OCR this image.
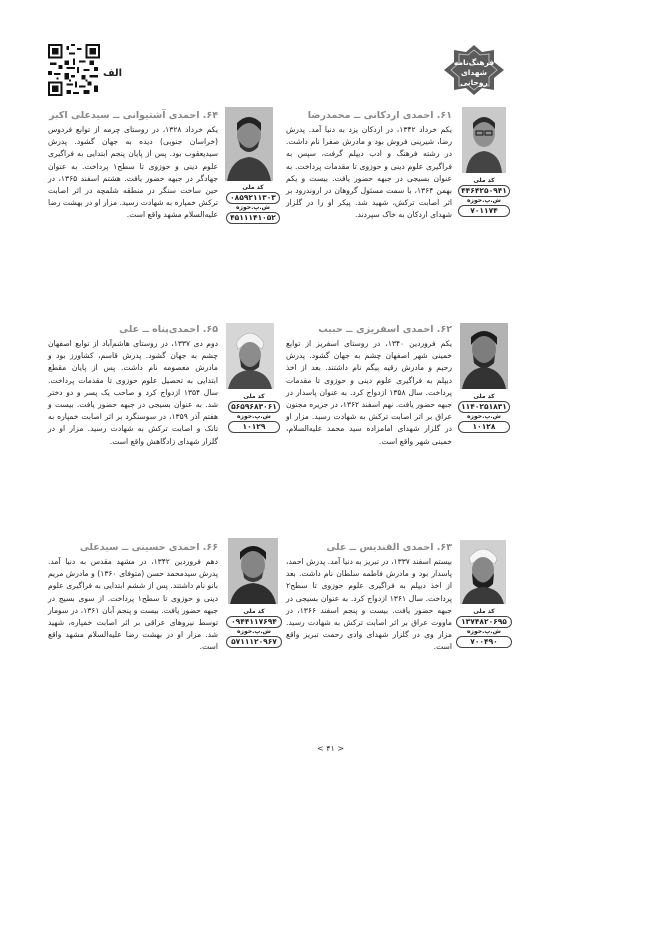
فرهنگ‌نامه شهدای روحانی
الف
کد ملی
۴۴۶۴۲۵۰۹۴۱
ش.پ.حوزه
۷۰۱۱۷۴
۶۱. احمدی اردکانی ــ محمدرضا
یکم خرداد ۱۳۴۲، در اردکان یزد به دنیا آمد. پدرش رضا، شیرینی فروش بود و مادرش صفرا نام داشت. در رشته فرهنگ و ادب دیپلم گرفت، سپس به فراگیری علوم دینی و حوزوی تا مقدمات پرداخت. به عنوان بسیجی در جبهه حضور یافت. بیست و یکم بهمن ۱۳۶۴، با سمت مسئول گروهان در اروندرود بر اثر اصابت ترکش، شهید شد. پیکر او را در گلزار شهدای اردکان به خاک سپردند.
کد ملی
۰۸۵۹۲۱۱۳۰۳
ش.پ.حوزه
۴۵۱۱۱۴۱۰۵۲
۶۴. احمدی آشتیوانی ــ سیدعلی اکبر
یکم خرداد ۱۳۲۸، در روستای چرمه از توابع فردوس (خراسان جنوبی) دیده به جهان گشود. پدرش سیدیعقوب بود. پس از پایان پنجم ابتدایی به فراگیری علوم دینی و حوزوی تا سطح۱ پرداخت. به عنوان جهادگر در جبهه حضور یافت. هشتم اسفند ۱۳۶۵، در حین ساخت سنگر در منطقه شلمچه در اثر اصابت ترکش خمپاره به شهادت رسید. مزار او در بهشت رضا علیه‌السلام مشهد واقع است.
کد ملی
۱۱۴۰۲۵۱۸۳۱
ش.پ.حوزه
۱۰۱۲۸
۶۲. احمدی اسفریزی ــ حبیب
یکم فروردین ۱۳۴۰، در روستای اسفریز از توابع خمینی شهر اصفهان چشم به جهان گشود. پدرش رحیم و مادرش رقیه بیگم نام داشتند. بعد از اخذ دیپلم به فراگیری علوم دینی و حوزوی تا مقدمات پرداخت. سال ۱۳۵۸ ازدواج کرد. به عنوان پاسدار در جبهه حضور یافت. نهم اسفند ۱۳۶۲، در جزیره مجنون عراق بر اثر اصابت ترکش به شهادت رسید. مزار او در گلزار شهدای امامزاده سید محمد علیه‌السلام، خمینی شهر واقع است.
کد ملی
۵۶۵۹۶۸۳۰۶۱
ش.پ.حوزه
۱۰۱۲۹
۶۵. احمدی‌پناه ــ علی
دوم دی ۱۳۳۷، در روستای هاشم‌آباد از توابع اصفهان چشم به جهان گشود. پدرش قاسم، کشاورز بود و مادرش معصومه نام داشت. پس از پایان مقطع ابتدایی به تحصیل علوم حوزوی تا مقدمات پرداخت. سال ۱۳۵۴ ازدواج کرد و صاحب یک پسر و دو دختر شد. به عنوان بسیجی در جبهه حضور یافت. بیست و هفتم آذر ۱۳۵۹، در سوسنگرد بر اثر اصابت خمپاره به تانک و اصابت ترکش به شهادت رسید. مزار او در گلزار شهدای زادگاهش واقع است.
کد ملی
۱۳۷۴۸۲۰۶۹۵
ش.پ.حوزه
۷۰۰۴۹۰
۶۳. احمدی القندیس ــ علی
بیستم اسفند ۱۳۳۷، در تبریز به دنیا آمد. پدرش احمد، پاسدار بود و مادرش فاطمه سلطان نام داشت. بعد از اخذ دیپلم به فراگیری علوم حوزوی تا سطح۲ پرداخت. سال ۱۳۶۱ ازدواج کرد. به عنوان بسیجی در جبهه حضور یافت. بیست و پنجم اسفند ۱۳۶۶، در ماووت عراق بر اثر اصابت ترکش به شهادت رسید. مزار وی در گلزار شهدای وادی رحمت تبریز واقع است.
کد ملی
۰۹۴۴۱۱۷۶۹۴
ش.پ.حوزه
۵۷۱۱۱۲۰۹۶۷
۶۶. احمدی حسینی ــ سیدعلی
دهم فروردین ۱۳۴۲، در مشهد مقدس به دنیا آمد. پدرش سیدمحمد حسن (متوفای ۱۳۶۰) و مادرش مریم بانو نام داشتند. پس از ششم ابتدایی به فراگیری علوم دینی و حوزوی تا سطح۱ پرداخت. از سوی بسیج در جبهه حضور یافت. بیست و پنجم آبان ۱۳۶۱، در سومار توسط نیروهای عراقی بر اثر اصابت خمپاره، شهید شد. مزار او در بهشت رضا علیه‌السلام مشهد واقع است.
< ۴۱ >
